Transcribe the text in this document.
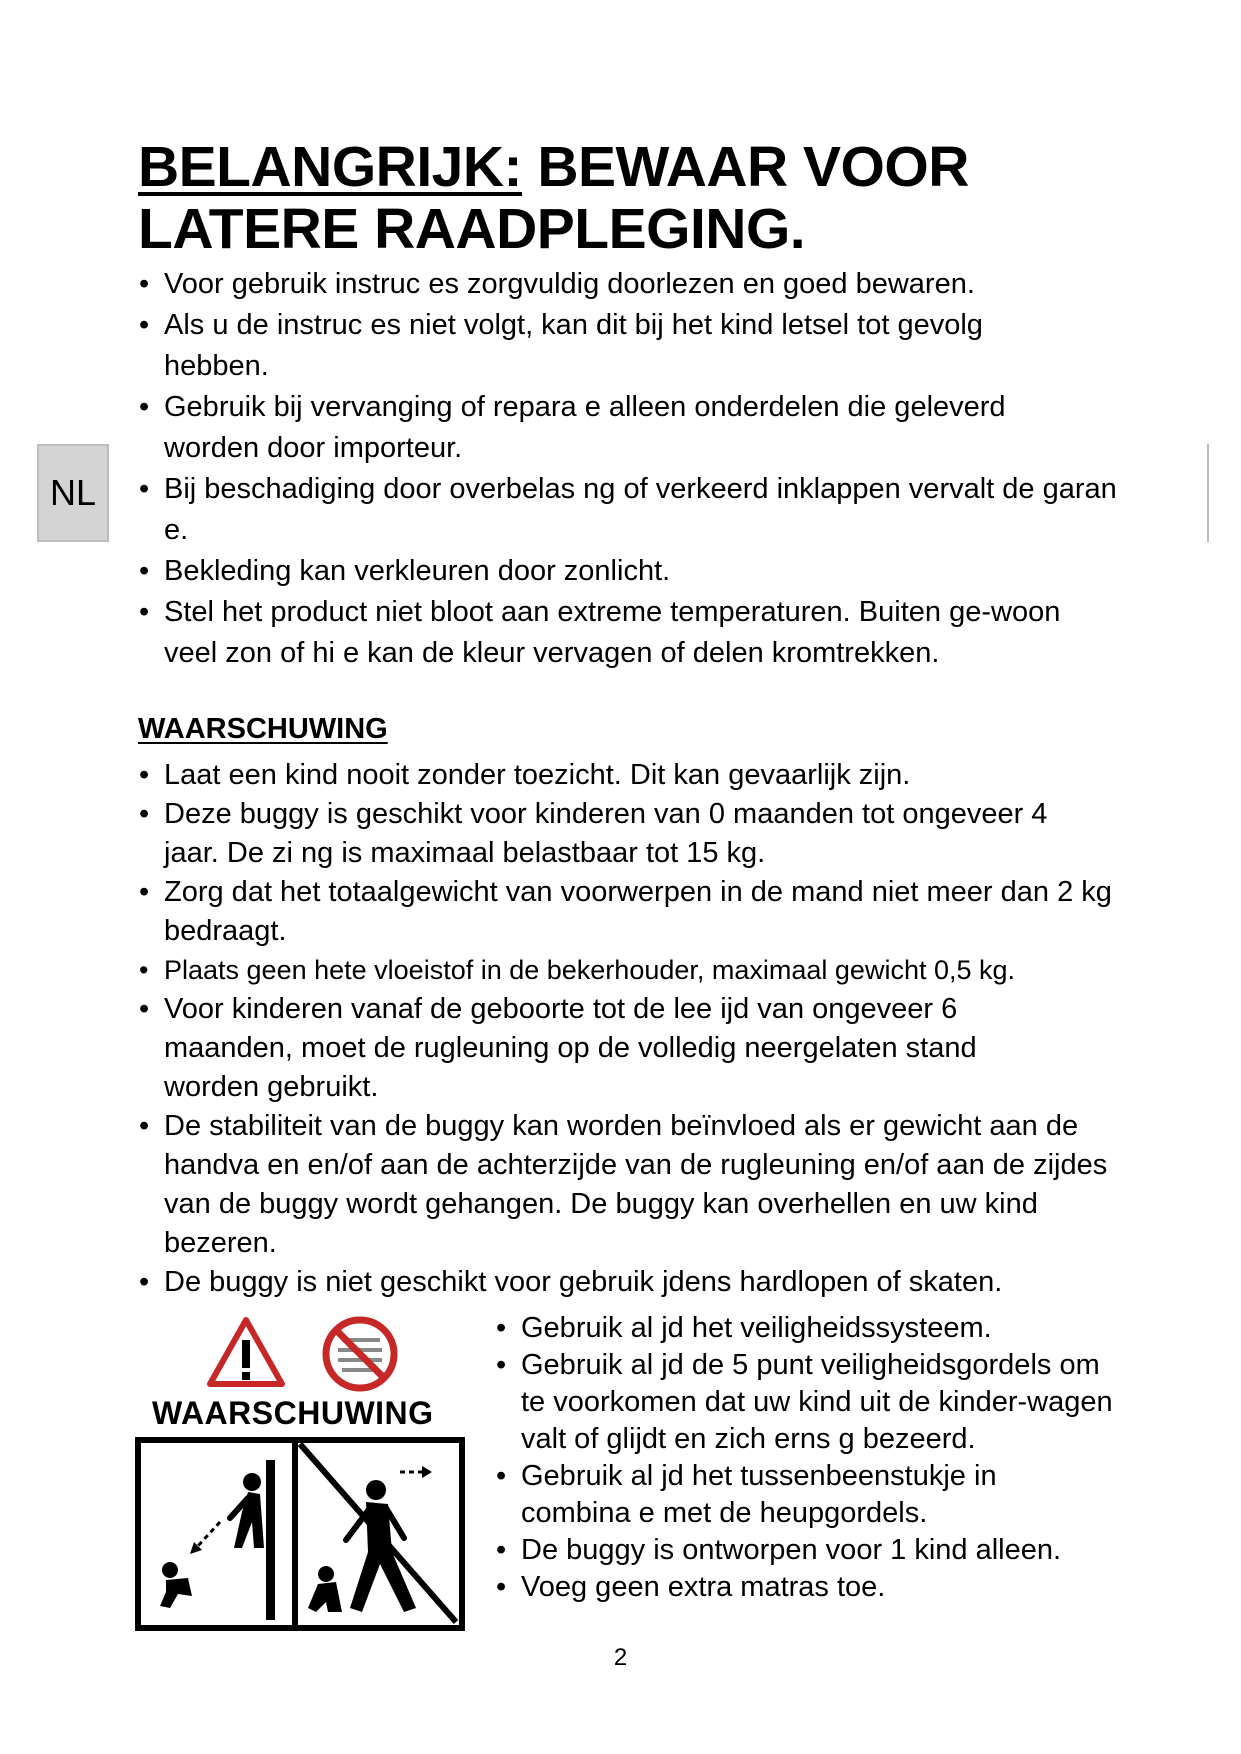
BELANGRIJK: BEWAAR VOOR
LATERE RAADPLEGING.
NL
• Voor gebruik instruc es zorgvuldig doorlezen en goed bewaren.
• Als u de instruc es niet volgt, kan dit bij het kind letsel tot gevolg hebben.
• Gebruik bij vervanging of repara e alleen onderdelen die geleverd worden door importeur.
• Bij beschadiging door overbelas ng of verkeerd inklappen vervalt de garan e.
• Bekleding kan verkleuren door zonlicht.
• Stel het product niet bloot aan extreme temperaturen. Buiten ge-woon veel zon of hi e kan de kleur vervagen of delen kromtrekken.
WAARSCHUWING
• Laat een kind nooit zonder toezicht. Dit kan gevaarlijk zijn.
• Deze buggy is geschikt voor kinderen van 0 maanden tot ongeveer 4 jaar. De zi ng is maximaal belastbaar tot 15 kg.
• Zorg dat het totaalgewicht van voorwerpen in de mand niet meer dan 2 kg bedraagt.
• Plaats geen hete vloeistof in de bekerhouder, maximaal gewicht 0,5 kg.
• Voor kinderen vanaf de geboorte tot de lee ijd van ongeveer 6 maanden, moet de rugleuning op de volledig neergelaten stand worden gebruikt.
• De stabiliteit van de buggy kan worden beïnvloed als er gewicht aan de handva en en/of aan de achterzijde van de rugleuning en/of aan de zijdes van de buggy wordt gehangen. De buggy kan overhellen en uw kind bezeren.
• De buggy is niet geschikt voor gebruik jdens hardlopen of skaten.
WAARSCHUWING
• Gebruik al jd het veiligheidssysteem.
• Gebruik al jd de 5 punt veiligheidsgordels om te voorkomen dat uw kind uit de kinder-wagen valt of glijdt en zich erns g bezeerd.
• Gebruik al jd het tussenbeenstukje in combina e met de heupgordels.
• De buggy is ontworpen voor 1 kind alleen.
• Voeg geen extra matras toe.
2
